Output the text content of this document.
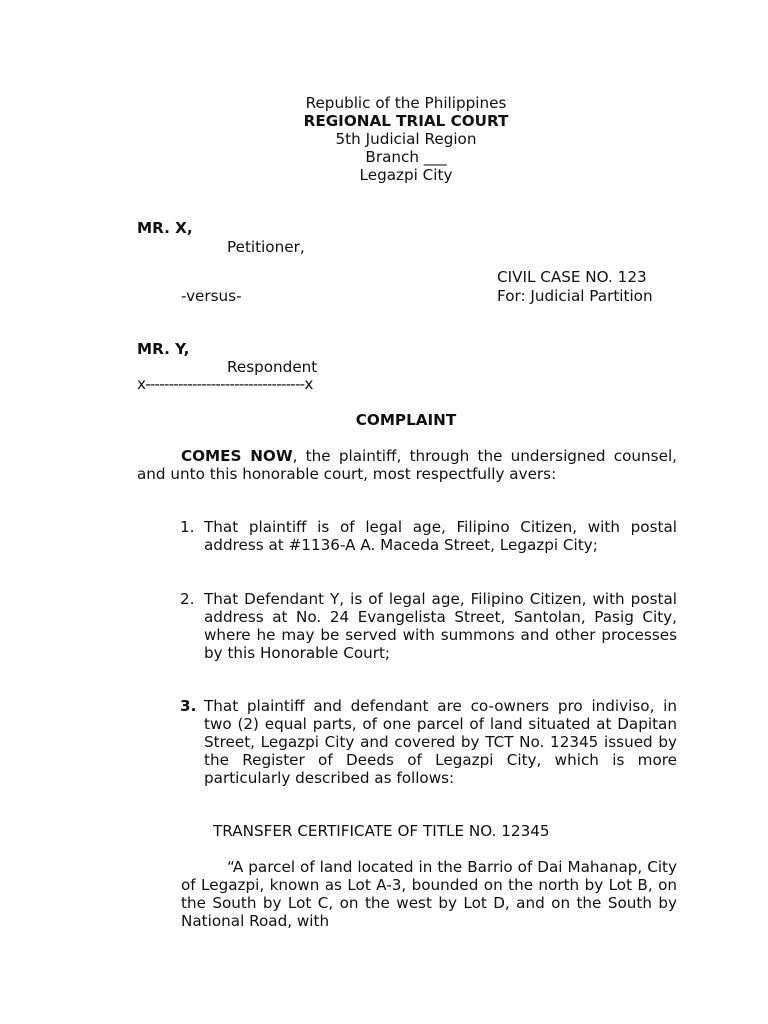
Republic of the Philippines
REGIONAL TRIAL COURT
5th Judicial Region
Branch ___
Legazpi City
MR. X,
Petitioner,
CIVIL CASE NO. 123
-versus-	For: Judicial Partition
MR. Y,
Respondent
x----------------------------------x
COMPLAINT
COMES NOW, the plaintiff, through the undersigned counsel, and unto this honorable court, most respectfully avers:
1. That plaintiff is of legal age, Filipino Citizen, with postal address at #1136-A A. Maceda Street, Legazpi City;
2. That Defendant Y, is of legal age, Filipino Citizen, with postal address at No. 24 Evangelista Street, Santolan, Pasig City, where he may be served with summons and other processes by this Honorable Court;
3. That plaintiff and defendant are co-owners pro indiviso, in two (2) equal parts, of one parcel of land situated at Dapitan Street, Legazpi City and covered by TCT No. 12345 issued by the Register of Deeds of Legazpi City, which is more particularly described as follows:
TRANSFER CERTIFICATE OF TITLE NO. 12345
“A parcel of land located in the Barrio of Dai Mahanap, City of Legazpi, known as Lot A-3, bounded on the north by Lot B, on the South by Lot C, on the west by Lot D, and on the South by National Road, with
